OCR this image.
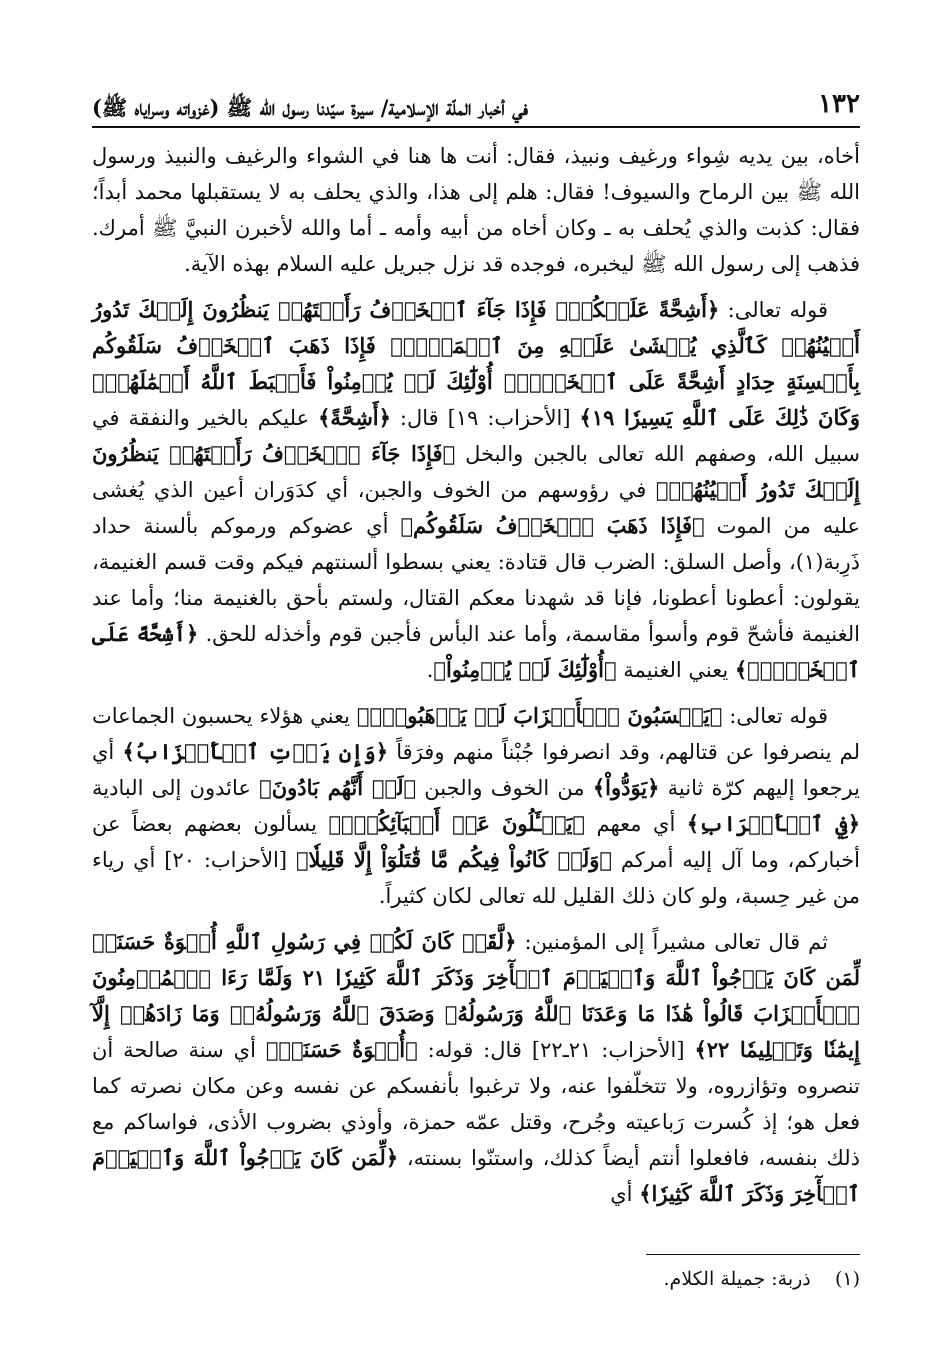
١٣٢
في أخبار الملّة الإسلامية/ سيرة سيّدنا رسول الله ﷺ (غزواته وسراياه ﷺ)

أخاه، بين يديه شِواء ورغيف ونبيذ، فقال: أنت ها هنا في الشواء والرغيف والنبيذ ورسول الله ﷺ بين الرماح والسيوف! فقال: هلم إلى هذا، والذي يحلف به لا يستقبلها محمد أبداً؛ فقال: كذبت والذي يُحلف به ـ وكان أخاه من أبيه وأمه ـ أما والله لأخبرن النبيَّ ﷺ أمرك. فذهب إلى رسول الله ﷺ ليخبره، فوجده قد نزل جبريل عليه السلام بهذه الآية.

قوله تعالى: ﴿أَشِحَّةً عَلَيۡكُمۡۖ فَإِذَا جَآءَ ٱلۡخَوۡفُ رَأَيۡتَهُمۡ يَنظُرُونَ إِلَيۡكَ تَدُورُ أَعۡيُنُهُمۡ كَٱلَّذِي يُغۡشَىٰ عَلَيۡهِ مِنَ ٱلۡمَوۡتِۖ فَإِذَا ذَهَبَ ٱلۡخَوۡفُ سَلَقُوكُم بِأَلۡسِنَةٍ حِدَادٍ أَشِحَّةً عَلَى ٱلۡخَيۡرِۚ أُوْلَٰٓئِكَ لَمۡ يُؤۡمِنُواْ فَأَحۡبَطَ ٱللَّهُ أَعۡمَٰلَهُمۡۚ وَكَانَ ذَٰلِكَ عَلَى ٱللَّهِ يَسِيرٗا ١٩﴾ [الأحزاب: ١٩] قال: ﴿أَشِحَّةً﴾ عليكم بالخير والنفقة في سبيل الله، وصفهم الله تعالى بالجبن والبخل ﴿فَإِذَا جَآءَ ٱلۡخَوۡفُ رَأَيۡتَهُمۡ يَنظُرُونَ إِلَيۡكَ تَدُورُ أَعۡيُنُهُمۡ﴾ في رؤوسهم من الخوف والجبن، أي كدَوَران أعين الذي يُغشى عليه من الموت ﴿فَإِذَا ذَهَبَ ٱلۡخَوۡفُ سَلَقُوكُم﴾ أي عضوكم ورموكم بألسنة حداد ذَرِبة(١)، وأصل السلق: الضرب قال قتادة: يعني بسطوا ألسنتهم فيكم وقت قسم الغنيمة، يقولون: أعطونا أعطونا، فإنا قد شهدنا معكم القتال، ولستم بأحق بالغنيمة منا؛ وأما عند الغنيمة فأشحّ قوم وأسوأ مقاسمة، وأما عند البأس فأجبن قوم وأخذله للحق. ﴿أَشِحَّةً عَلَى ٱلۡخَيۡرِۚ﴾ يعني الغنيمة ﴿أُوْلَٰٓئِكَ لَمۡ يُؤۡمِنُواْ﴾.

قوله تعالى: ﴿يَحۡسَبُونَ ٱلۡأَحۡزَابَ لَمۡ يَذۡهَبُواْۖ﴾ يعني هؤلاء يحسبون الجماعات لم ينصرفوا عن قتالهم، وقد انصرفوا جُبْناً منهم وفرَقاً ﴿وَإِن يَأۡتِ ٱلۡأَحۡزَابُ﴾ أي يرجعوا إليهم كرّة ثانية ﴿يَوَدُّواْ﴾ من الخوف والجبن ﴿لَوۡ أَنَّهُم بَادُونَ﴾ عائدون إلى البادية ﴿فِي ٱلۡأَعۡرَابِ﴾ أي معهم ﴿يَسۡـَٔلُونَ عَنۡ أَنۢبَآئِكُمۡۖ﴾ يسألون بعضهم بعضاً عن أخباركم، وما آل إليه أمركم ﴿وَلَوۡ كَانُواْ فِيكُم مَّا قَٰتَلُوٓاْ إِلَّا قَلِيلٗا﴾ [الأحزاب: ٢٠] أي رياء من غير حِسبة، ولو كان ذلك القليل لله تعالى لكان كثيراً.

ثم قال تعالى مشيراً إلى المؤمنين: ﴿لَّقَدۡ كَانَ لَكُمۡ فِي رَسُولِ ٱللَّهِ أُسۡوَةٌ حَسَنَةٞ لِّمَن كَانَ يَرۡجُواْ ٱللَّهَ وَٱلۡيَوۡمَ ٱلۡأٓخِرَ وَذَكَرَ ٱللَّهَ كَثِيرٗا ٢١ وَلَمَّا رَءَا ٱلۡمُؤۡمِنُونَ ٱلۡأَحۡزَابَ قَالُواْ هَٰذَا مَا وَعَدَنَا ٱللَّهُ وَرَسُولُهُۥ وَصَدَقَ ٱللَّهُ وَرَسُولُهُۥۚ وَمَا زَادَهُمۡ إِلَّآ إِيمَٰنٗا وَتَسۡلِيمٗا ٢٢﴾ [الأحزاب: ٢١ـ٢٢] قال: قوله: ﴿أُسۡوَةٌ حَسَنَةٞ﴾ أي سنة صالحة أن تنصروه وتؤازروه، ولا تتخلّفوا عنه، ولا ترغبوا بأنفسكم عن نفسه وعن مكان نصرته كما فعل هو؛ إذ كُسرت رَباعيته وجُرح، وقتل عمّه حمزة، وأوذي بضروب الأذى، فواساكم مع ذلك بنفسه، فافعلوا أنتم أيضاً كذلك، واستنّوا بسنته، ﴿لِّمَن كَانَ يَرۡجُواْ ٱللَّهَ وَٱلۡيَوۡمَ ٱلۡأٓخِرَ وَذَكَرَ ٱللَّهَ كَثِيرٗا﴾ أي

(١)    ذربة: جميلة الكلام.
